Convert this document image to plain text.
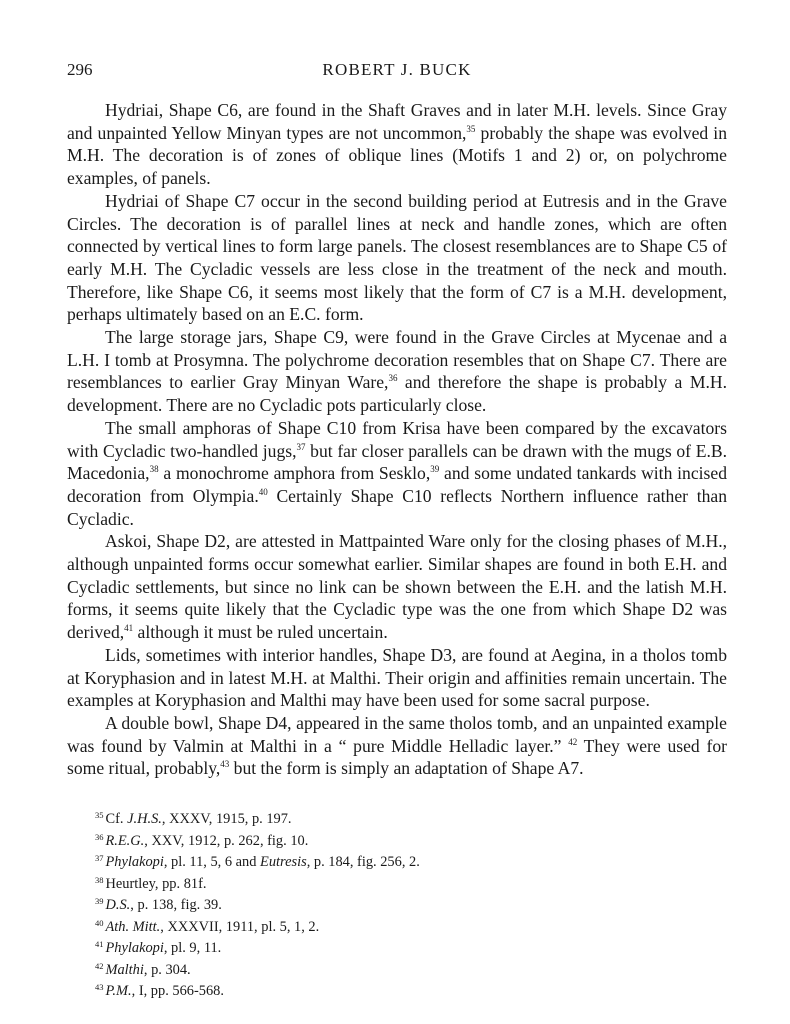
296	ROBERT J. BUCK

Hydriai, Shape C6, are found in the Shaft Graves and in later M.H. levels. Since Gray and unpainted Yellow Minyan types are not uncommon,$^{35}$ probably the shape was evolved in M.H. The decoration is of zones of oblique lines (Motifs 1 and 2) or, on polychrome examples, of panels.

Hydriai of Shape C7 occur in the second building period at Eutresis and in the Grave Circles. The decoration is of parallel lines at neck and handle zones, which are often connected by vertical lines to form large panels. The closest resemblances are to Shape C5 of early M.H. The Cycladic vessels are less close in the treatment of the neck and mouth. Therefore, like Shape C6, it seems most likely that the form of C7 is a M.H. development, perhaps ultimately based on an E.C. form.

The large storage jars, Shape C9, were found in the Grave Circles at Mycenae and a L.H. I tomb at Prosymna. The polychrome decoration resembles that on Shape C7. There are resemblances to earlier Gray Minyan Ware,$^{36}$ and therefore the shape is probably a M.H. development. There are no Cycladic pots particularly close.

The small amphoras of Shape C10 from Krisa have been compared by the excavators with Cycladic two-handled jugs,$^{37}$ but far closer parallels can be drawn with the mugs of E.B. Macedonia,$^{38}$ a monochrome amphora from Sesklo,$^{39}$ and some undated tankards with incised decoration from Olympia.$^{40}$ Certainly Shape C10 reflects Northern influence rather than Cycladic.

Askoi, Shape D2, are attested in Mattpainted Ware only for the closing phases of M.H., although unpainted forms occur somewhat earlier. Similar shapes are found in both E.H. and Cycladic settlements, but since no link can be shown between the E.H. and the latish M.H. forms, it seems quite likely that the Cycladic type was the one from which Shape D2 was derived,$^{41}$ although it must be ruled uncertain.

Lids, sometimes with interior handles, Shape D3, are found at Aegina, in a tholos tomb at Koryphasion and in latest M.H. at Malthi. Their origin and affinities remain uncertain. The examples at Koryphasion and Malthi may have been used for some sacral purpose.

A double bowl, Shape D4, appeared in the same tholos tomb, and an unpainted example was found by Valmin at Malthi in a “ pure Middle Helladic layer.” $^{42}$ They were used for some ritual, probably,$^{43}$ but the form is simply an adaptation of Shape A7.

$^{35}$ Cf. J.H.S., XXXV, 1915, p. 197.
$^{36}$ R.E.G., XXV, 1912, p. 262, fig. 10.
$^{37}$ Phylakopi, pl. 11, 5, 6 and Eutresis, p. 184, fig. 256, 2.
$^{38}$ Heurtley, pp. 81f.
$^{39}$ D.S., p. 138, fig. 39.
$^{40}$ Ath. Mitt., XXXVII, 1911, pl. 5, 1, 2.
$^{41}$ Phylakopi, pl. 9, 11.
$^{42}$ Malthi, p. 304.
$^{43}$ P.M., I, pp. 566-568.
